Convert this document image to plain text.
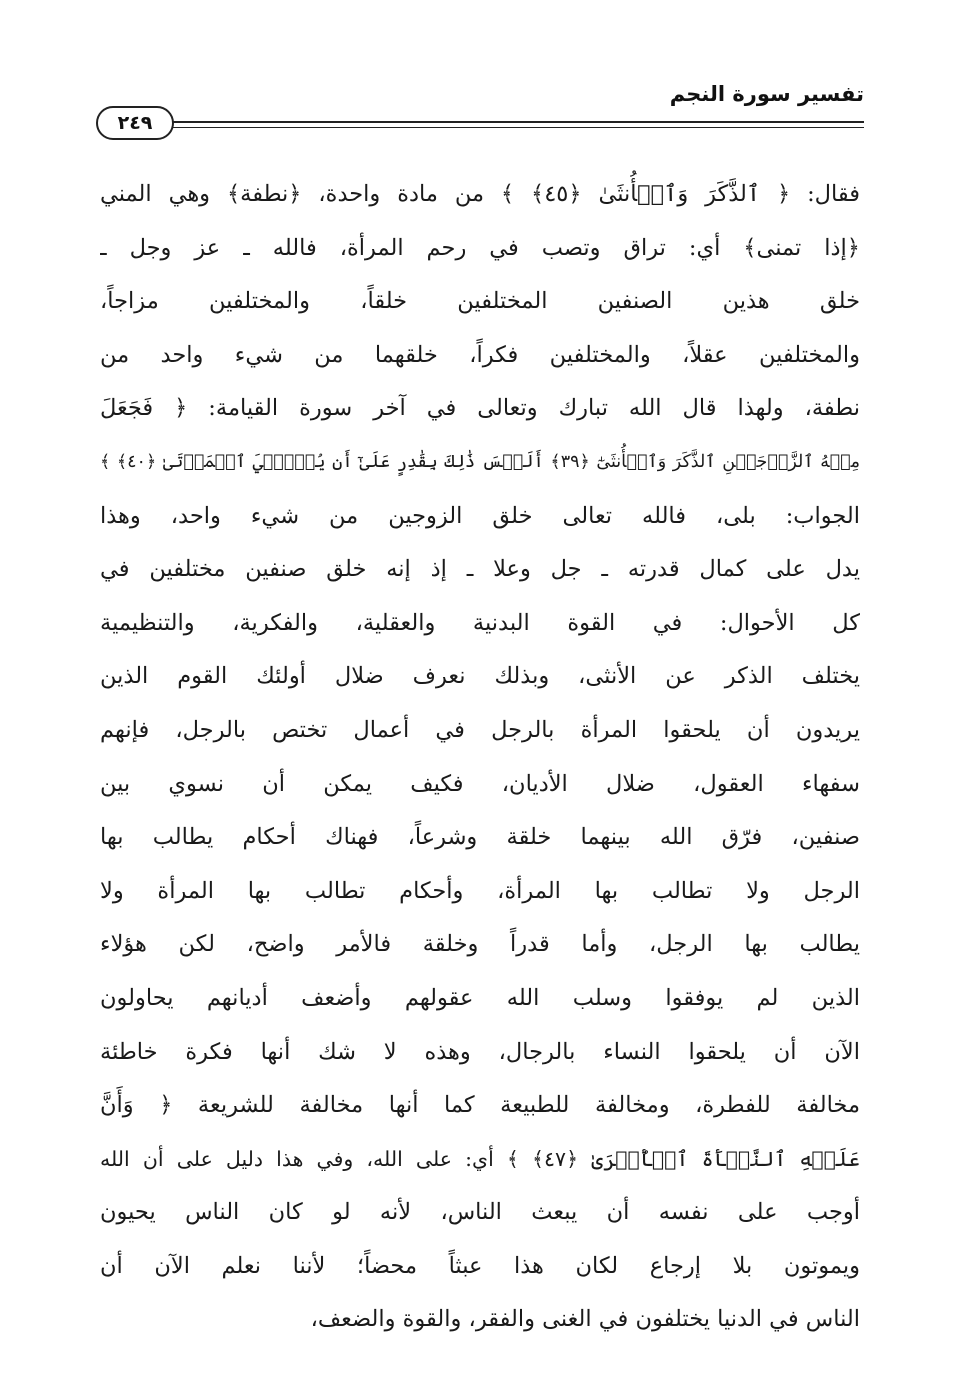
تفسير سورة النجم
٢٤٩
فقال: ﴿ ٱلذَّكَرَ وَٱلۡأُنثَىٰ ﴿٤٥﴾ ﴾ من مادة واحدة، ﴿نطفة﴾ وهي المني
﴿إذا تمنى﴾ أي: تراق وتصب في رحم المرأة، فالله ـ عز وجل ـ
خلق هذين الصنفين المختلفين خلقاً، والمختلفين مزاجاً،
والمختلفين عقلاً، والمختلفين فكراً، خلقهما من شيء واحد من
نطفة، ولهذا قال الله تبارك وتعالى في آخر سورة القيامة: ﴿ فَجَعَلَ
مِنۡهُ ٱلزَّوۡجَيۡنِ ٱلذَّكَرَ وَٱلۡأُنثَىٰٓ ﴿٣٩﴾ أَلَيۡسَ ذَٰلِكَ بِقَٰدِرٍ عَلَىٰٓ أَن يُحۡـِۧيَ ٱلۡمَوۡتَىٰ ﴿٤٠﴾ ﴾
الجواب: بلى، فالله تعالى خلق الزوجين من شيء واحد، وهذا
يدل على كمال قدرته ـ جل وعلا ـ إذ إنه خلق صنفين مختلفين في
كل الأحوال: في القوة البدنية والعقلية، والفكرية، والتنظيمية
يختلف الذكر عن الأنثى، وبذلك نعرف ضلال أولئك القوم الذين
يريدون أن يلحقوا المرأة بالرجل في أعمال تختص بالرجل، فإنهم
سفهاء العقول، ضلال الأديان، فكيف يمكن أن نسوي بين
صنفين، فرّق الله بينهما خلقة وشرعاً، فهناك أحكام يطالب بها
الرجل ولا تطالب بها المرأة، وأحكام تطالب بها المرأة ولا
يطالب بها الرجل، وأما قدراً وخلقة فالأمر واضح، لكن هؤلاء
الذين لم يوفقوا وسلب الله عقولهم وأضعف أديانهم يحاولون
الآن أن يلحقوا النساء بالرجال، وهذه لا شك أنها فكرة خاطئة
مخالفة للفطرة، ومخالفة للطبيعة كما أنها مخالفة للشريعة ﴿ وَأَنَّ
عَلَيۡهِ ٱلنَّشۡأَةَ ٱلۡأُخۡرَىٰ ﴿٤٧﴾ ﴾ أي: على الله، وفي هذا دليل على أن الله
أوجب على نفسه أن يبعث الناس، لأنه لو كان الناس يحيون
ويموتون بلا إرجاع لكان هذا عبثاً محضاً؛ لأننا نعلم الآن أن
الناس في الدنيا يختلفون في الغنى والفقر، والقوة والضعف،
